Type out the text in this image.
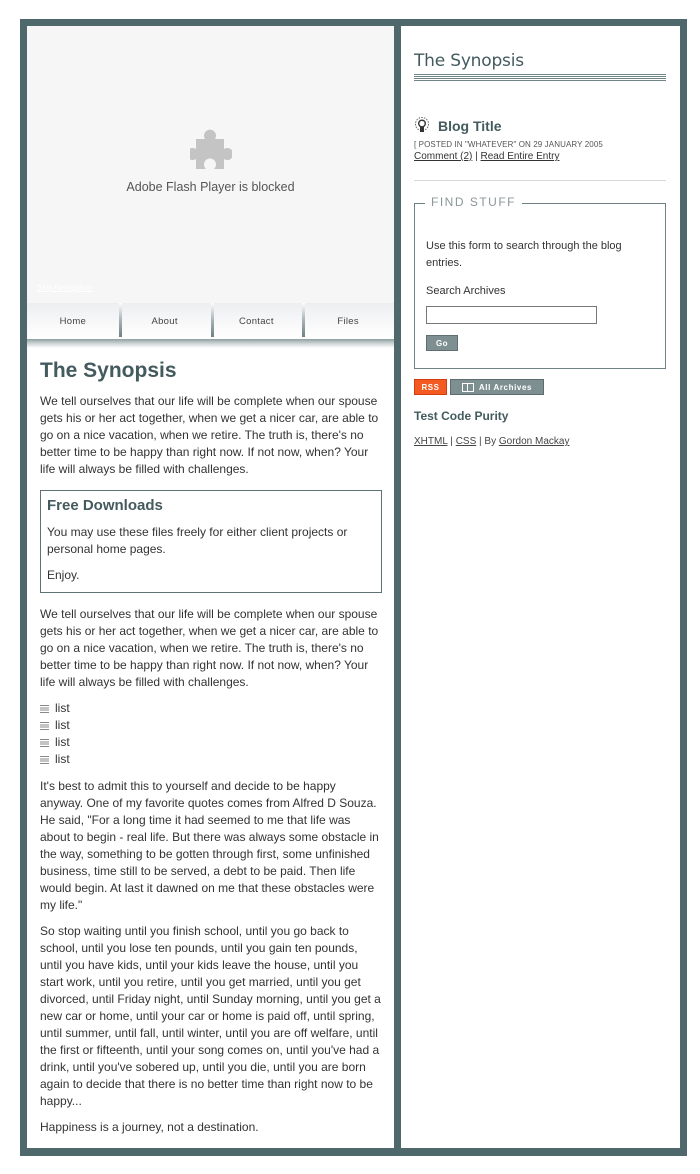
Adobe Flash Player is blocked
Skip Navigation
Home	About	Contact	Files
The Synopsis

We tell ourselves that our life will be complete when our spouse gets his or her act together, when we get a nicer car, are able to go on a nice vacation, when we retire. The truth is, there's no better time to be happy than right now. If not now, when? Your life will always be filled with challenges.

Free Downloads

You may use these files freely for either client projects or personal home pages.

Enjoy.

We tell ourselves that our life will be complete when our spouse gets his or her act together, when we get a nicer car, are able to go on a nice vacation, when we retire. The truth is, there's no better time to be happy than right now. If not now, when? Your life will always be filled with challenges.

list
list
list
list

It's best to admit this to yourself and decide to be happy anyway. One of my favorite quotes comes from Alfred D Souza. He said, "For a long time it had seemed to me that life was about to begin - real life. But there was always some obstacle in the way, something to be gotten through first, some unfinished business, time still to be served, a debt to be paid. Then life would begin. At last it dawned on me that these obstacles were my life."

So stop waiting until you finish school, until you go back to school, until you lose ten pounds, until you gain ten pounds, until you have kids, until your kids leave the house, until you start work, until you retire, until you get married, until you get divorced, until Friday night, until Sunday morning, until you get a new car or home, until your car or home is paid off, until spring, until summer, until fall, until winter, until you are off welfare, until the first or fifteenth, until your song comes on, until you've had a drink, until you've sobered up, until you die, until you are born again to decide that there is no better time than right now to be happy...

Happiness is a journey, not a destination.

The Synopsis
Blog Title
[ POSTED IN "WHATEVER" ON 29 JANUARY 2005
Comment (2) | Read Entire Entry
FIND STUFF
Use this form to search through the blog entries.
Search Archives
Go
RSS	All Archives
Test Code Purity
XHTML | CSS | By Gordon Mackay
